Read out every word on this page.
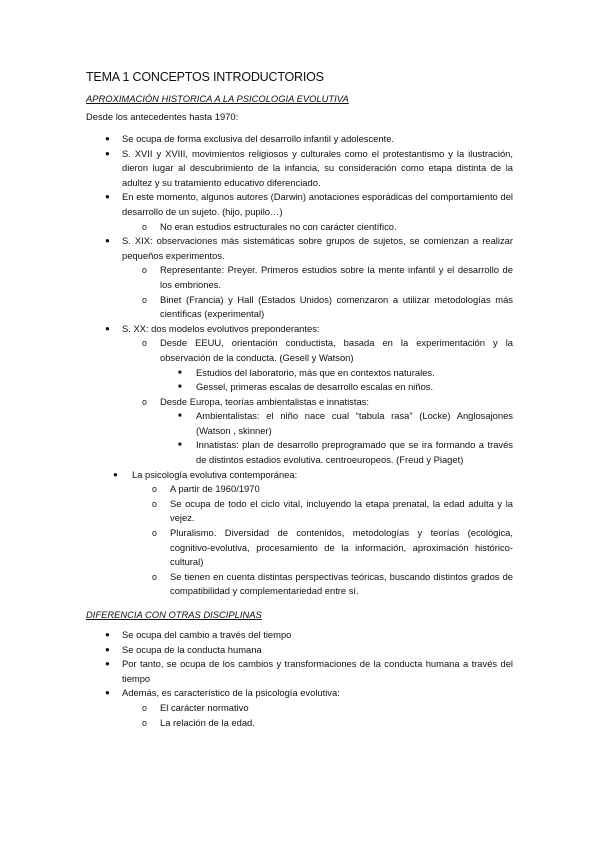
TEMA 1 CONCEPTOS INTRODUCTORIOS

APROXIMACIÓN HISTORICA A LA PSICOLOGIA EVOLUTIVA

Desde los antecedentes hasta 1970:

● Se ocupa de forma exclusiva del desarrollo infantil y adolescente.
● S. XVII y XVIII, movimientos religiosos y culturales como el protestantismo y la ilustración, dieron lugar al descubrimiento de la infancia, su consideración como etapa distinta de la adultez y su tratamiento educativo diferenciado.
● En este momento, algunos autores (Darwin) anotaciones esporádicas del comportamiento del desarrollo de un sujeto. (hijo, pupilo…)
o No eran estudios estructurales no con carácter científico.
● S. XIX: observaciones más sistemáticas sobre grupos de sujetos, se comienzan a realizar pequeños experimentos.
o Representante: Preyer. Primeros estudios sobre la mente infantil y el desarrollo de los embriones.
o Binet (Francia) y Hall (Estados Unidos) comenzaron a utilizar metodologías más científicas (experimental)
● S. XX: dos modelos evolutivos preponderantes:
o Desde EEUU, orientación conductista, basada en la experimentación y la observación de la conducta. (Gesell y Watson)
■ Estudios del laboratorio, más que en contextos naturales.
■ Gessel, primeras escalas de desarrollo escalas en niños.
o Desde Europa, teorías ambientalistas e innatistas:
■ Ambientalistas: el niño nace cual “tabula rasa” (Locke) Anglosajones (Watson , skinner)
■ Innatistas: plan de desarrollo preprogramado que se ira formando a través de distintos estadios evolutiva. centroeuropeos. (Freud y Piaget)
● La psicología evolutiva contemporánea:
o A partir de 1960/1970
o Se ocupa de todo el ciclo vital, incluyendo la etapa prenatal, la edad adulta y la vejez.
o Pluralismo. Diversidad de contenidos, metodologías y teorías (ecológica, cognitivo-evolutiva, procesamiento de la información, aproximación histórico-cultural)
o Se tienen en cuenta distintas perspectivas teóricas, buscando distintos grados de compatibilidad y complementariedad entre sí.

DIFERENCIA CON OTRAS DISCIPLINAS

● Se ocupa del cambio a través del tiempo
● Se ocupa de la conducta humana
● Por tanto, se ocupa de los cambios y transformaciones de la conducta humana a través del tiempo
● Además, es característico de la psicología evolutiva:
o El carácter normativo
o La relación de la edad.
